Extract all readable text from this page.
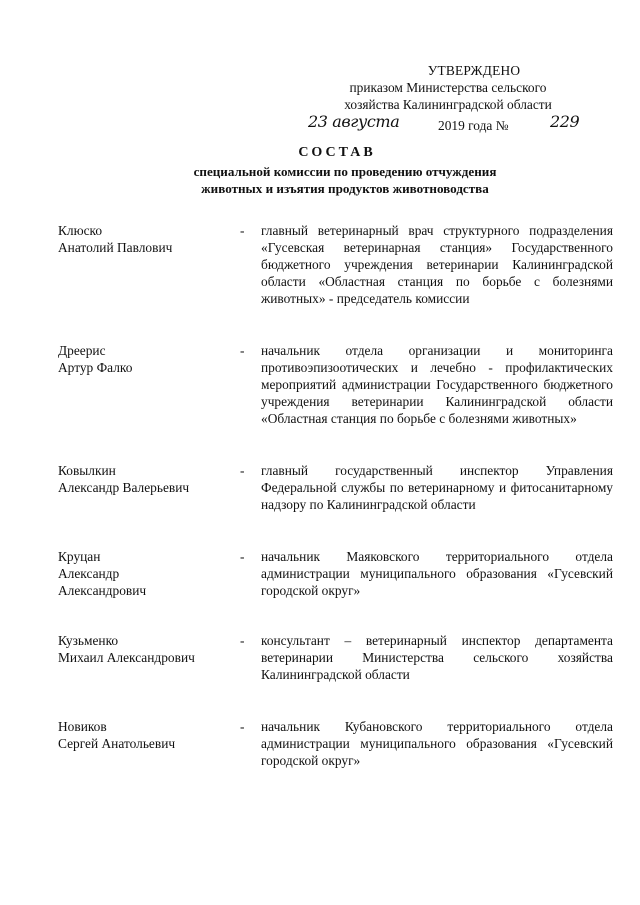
УТВЕРЖДЕНО
приказом Министерства сельского
хозяйства Калининградской области
23 августа	2019 года №	229
СОСТАВ
специальной комиссии по проведению отчуждения
животных и изъятия продуктов животноводства
Клюско
Анатолий Павлович
- главный ветеринарный врач структурного подразделения «Гусевская ветеринарная станция» Государственного бюджетного учреждения ветеринарии Калининградской области «Областная станция по борьбе с болезнями животных» - председатель комиссии
Дреерис
Артур Фалко
- начальник отдела организации и мониторинга противоэпизоотических и лечебно - профилактических мероприятий администрации Государственного бюджетного учреждения ветеринарии Калининградской области «Областная станция по борьбе с болезнями животных»
Ковылкин
Александр Валерьевич
- главный государственный инспектор Управления Федеральной службы по ветеринарному и фитосанитарному надзору по Калининградской области
Круцан
Александр
Александрович
- начальник Маяковского территориального отдела администрации муниципального образования «Гусевский городской округ»
Кузьменко
Михаил Александрович
- консультант – ветеринарный инспектор департамента ветеринарии Министерства сельского хозяйства Калининградской области
Новиков
Сергей Анатольевич
- начальник Кубановского территориального отдела администрации муниципального образования «Гусевский городской округ»
